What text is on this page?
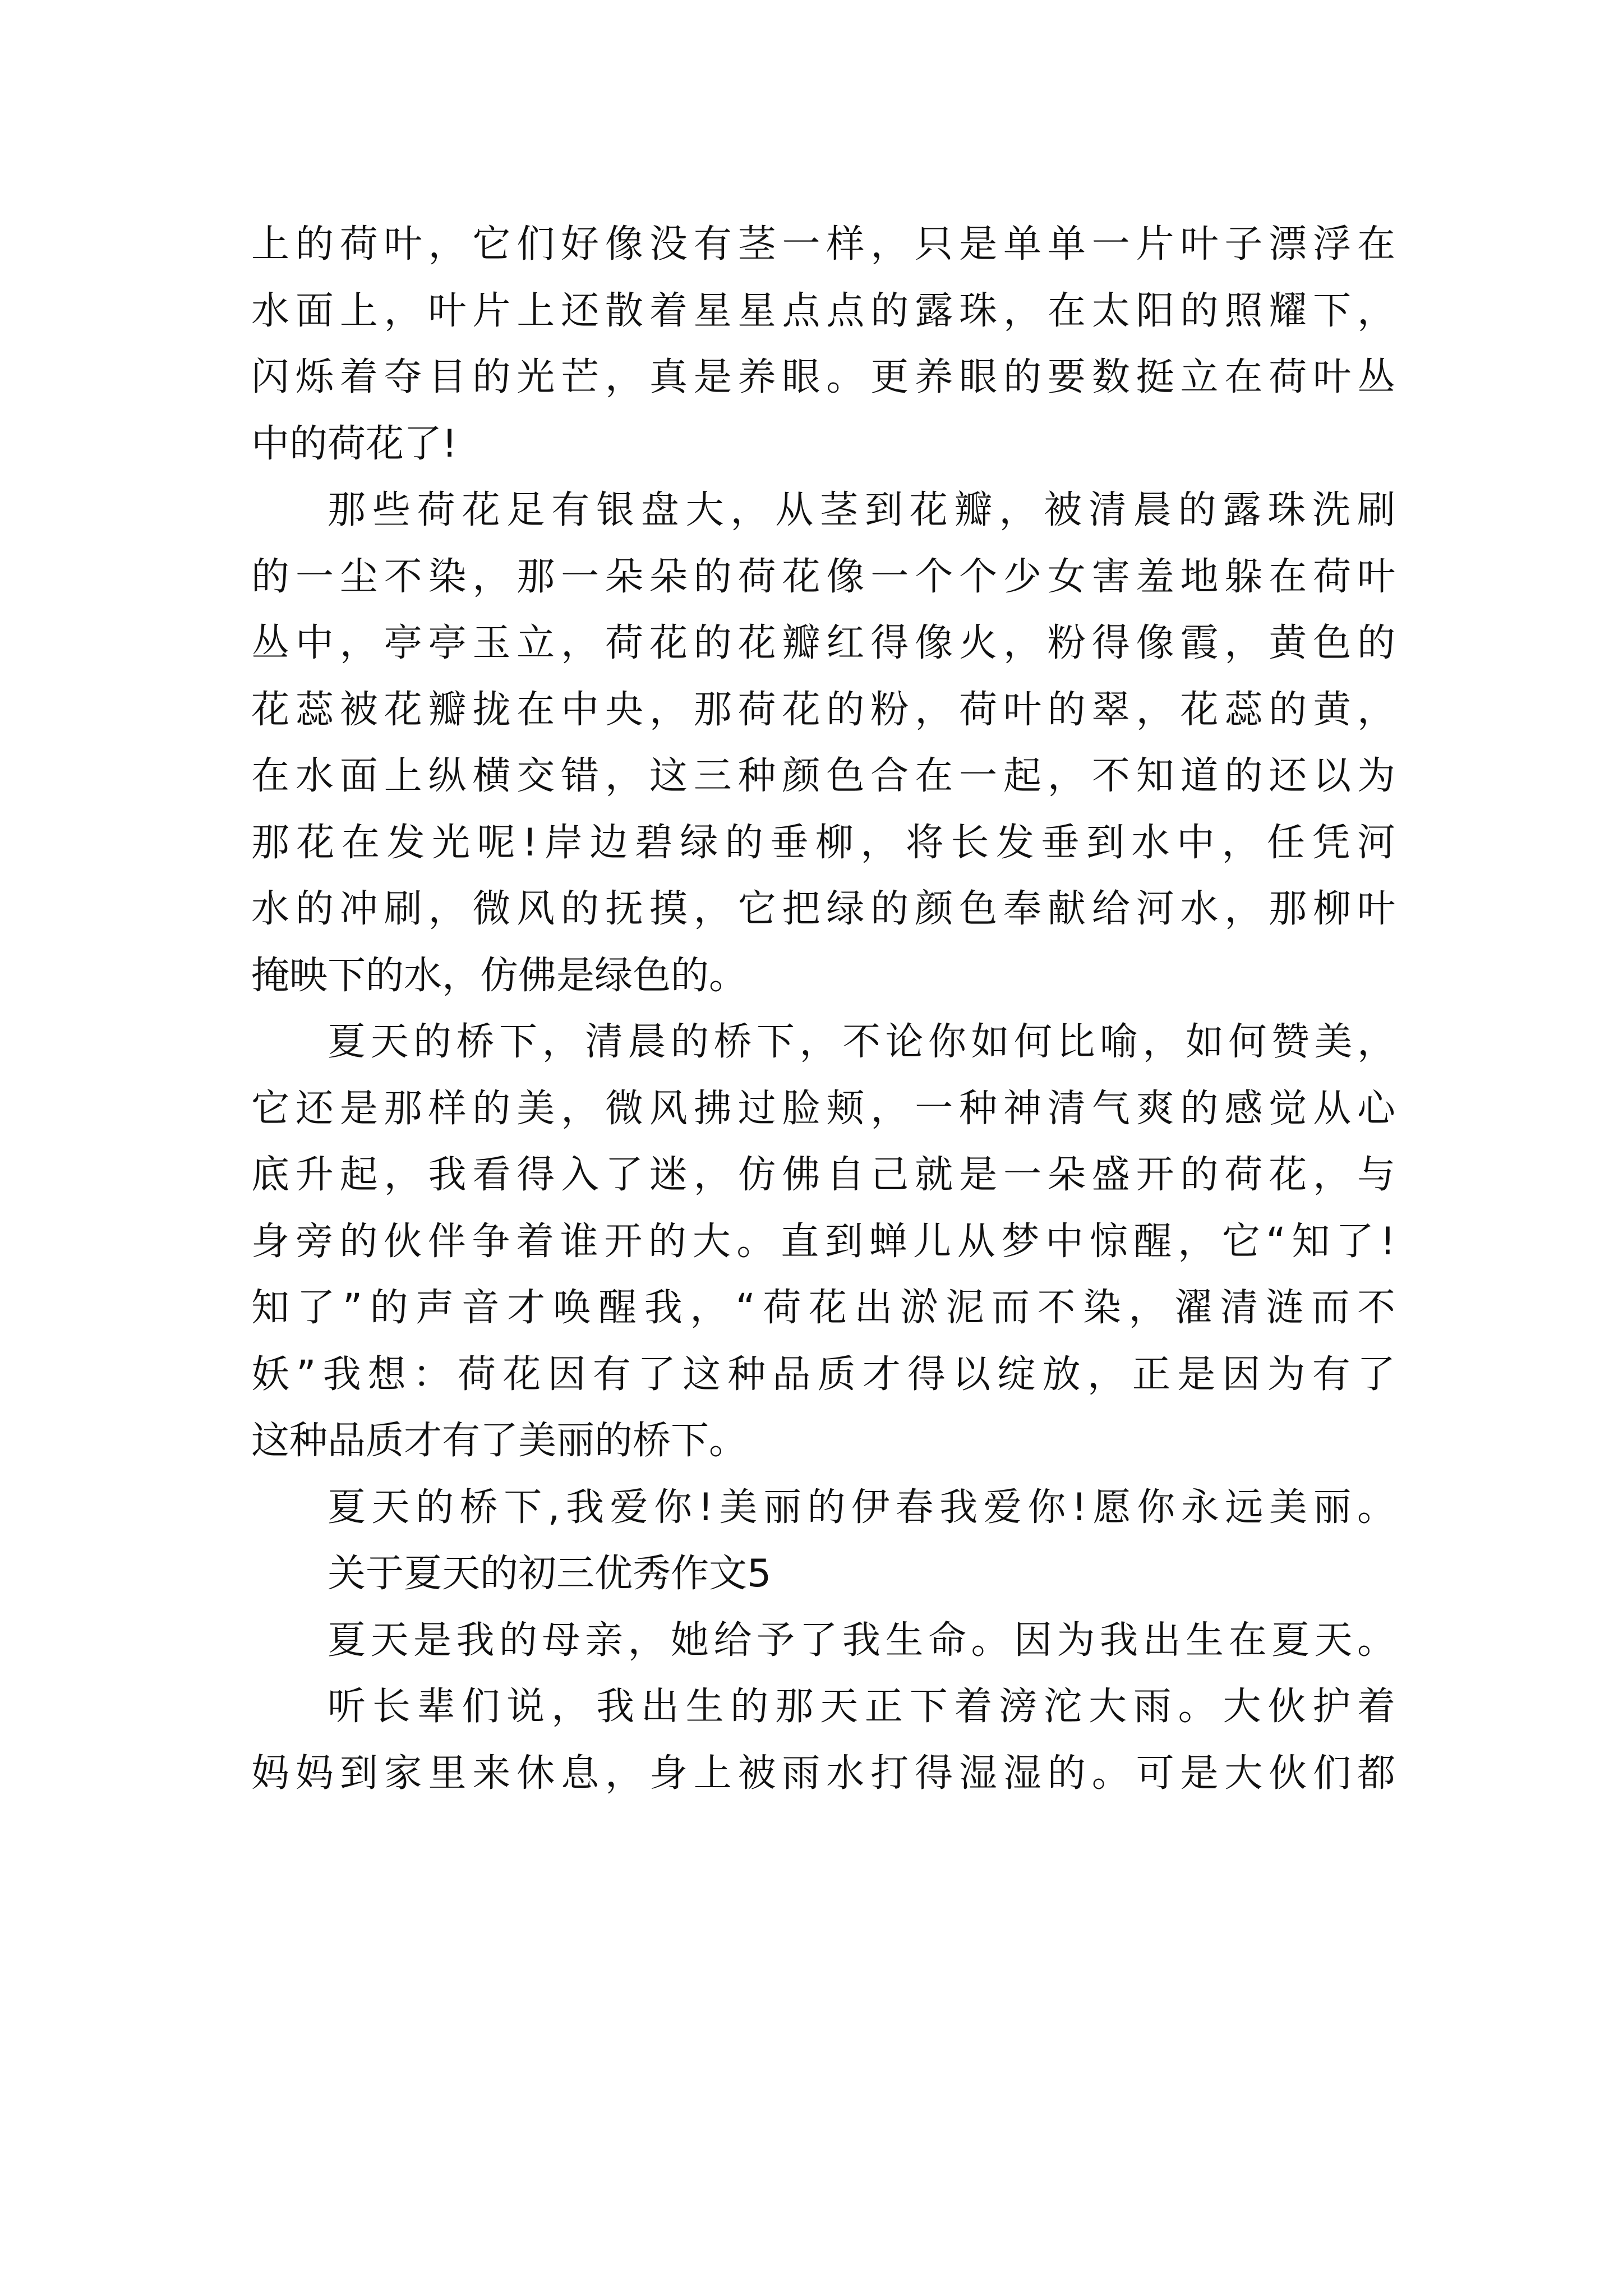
上的荷叶，它们好像没有茎一样，只是单单一片叶子漂浮在
水面上，叶片上还散着星星点点的露珠，在太阳的照耀下，
闪烁着夺目的光芒，真是养眼。更养眼的要数挺立在荷叶丛
中的荷花了!
那些荷花足有银盘大，从茎到花瓣，被清晨的露珠洗刷
的一尘不染，那一朵朵的荷花像一个个少女害羞地躲在荷叶
丛中，亭亭玉立，荷花的花瓣红得像火，粉得像霞，黄色的
花蕊被花瓣拢在中央，那荷花的粉，荷叶的翠，花蕊的黄，
在水面上纵横交错，这三种颜色合在一起，不知道的还以为
那花在发光呢!岸边碧绿的垂柳，将长发垂到水中，任凭河
水的冲刷，微风的抚摸，它把绿的颜色奉献给河水，那柳叶
掩映下的水，仿佛是绿色的。
夏天的桥下，清晨的桥下，不论你如何比喻，如何赞美，
它还是那样的美，微风拂过脸颊，一种神清气爽的感觉从心
底升起，我看得入了迷，仿佛自己就是一朵盛开的荷花，与
身旁的伙伴争着谁开的大。直到蝉儿从梦中惊醒，它“知了!
知了”的声音才唤醒我，“荷花出淤泥而不染，濯清涟而不
妖”我想：荷花因有了这种品质才得以绽放，正是因为有了
这种品质才有了美丽的桥下。
夏天的桥下,我爱你!美丽的伊春我爱你!愿你永远美丽。
关于夏天的初三优秀作文5
夏天是我的母亲，她给予了我生命。因为我出生在夏天。
听长辈们说，我出生的那天正下着滂沱大雨。大伙护着
妈妈到家里来休息，身上被雨水打得湿湿的。可是大伙们都
